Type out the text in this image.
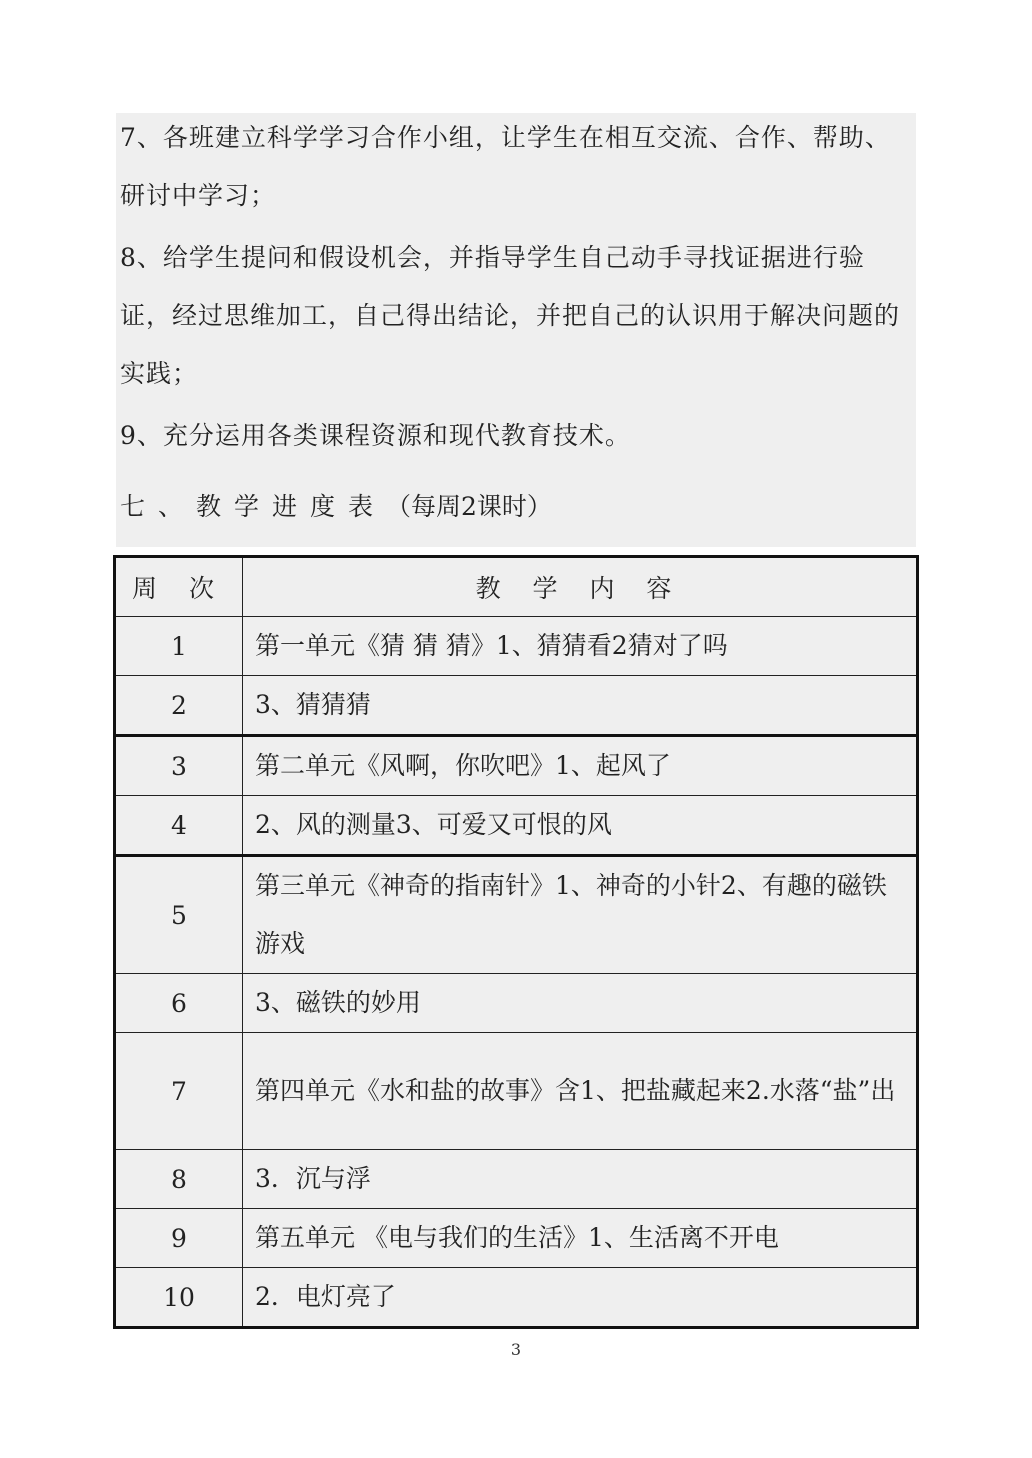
7、各班建立科学学习合作小组，让学生在相互交流、合作、帮助、研讨中学习；

8、给学生提问和假设机会，并指导学生自己动手寻找证据进行验证，经过思维加工，自己得出结论，并把自己的认识用于解决问题的实践；

9、充分运用各类课程资源和现代教育技术。

七、教学进度表（每周2课时）

周 次	教 学 内 容
1	第一单元《猜 猜 猜》1、猜猜看2猜对了吗
2	3、猜猜猜
3	第二单元《风啊，你吹吧》1、起风了
4	2、风的测量3、可爱又可恨的风
5	第三单元《神奇的指南针》1、神奇的小针2、有趣的磁铁游戏
6	3、磁铁的妙用
7	第四单元《水和盐的故事》含1、把盐藏起来2.水落“盐”出
8	3．沉与浮
9	第五单元 《电与我们的生活》1、生活离不开电
10	2．电灯亮了
3
